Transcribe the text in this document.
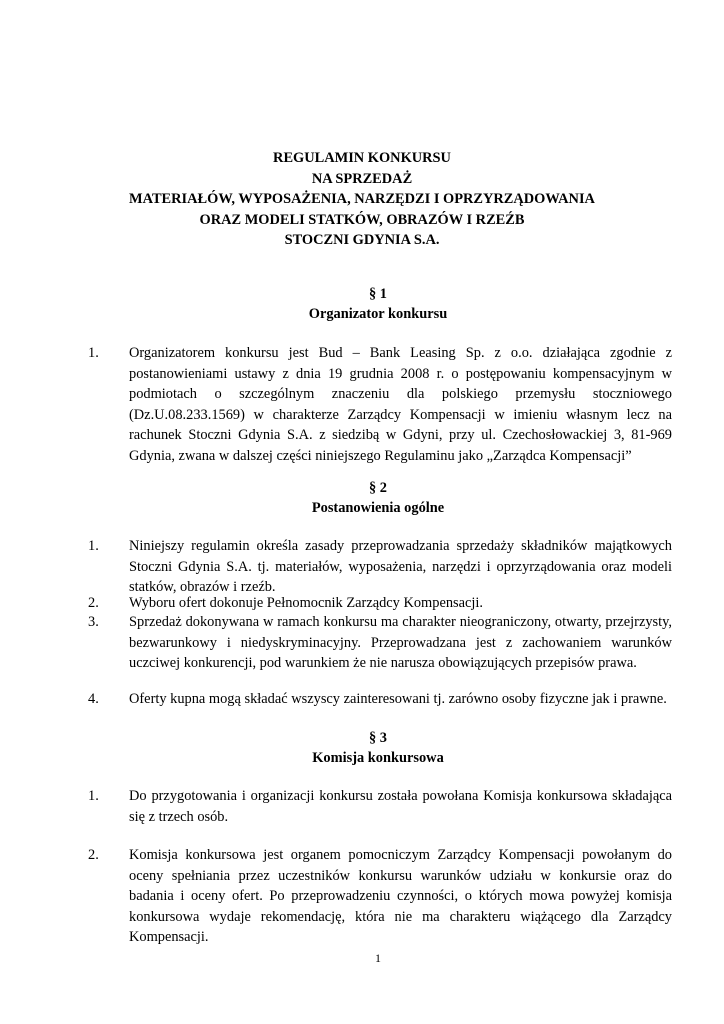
REGULAMIN KONKURSU
NA SPRZEDAŻ
MATERIAŁÓW, WYPOSAŻENIA, NARZĘDZI I OPRZYRZĄDOWANIA
ORAZ MODELI STATKÓW, OBRAZÓW I RZEŹB
STOCZNI GDYNIA S.A.
§ 1
Organizator konkursu
1. Organizatorem konkursu jest Bud – Bank Leasing Sp. z o.o. działająca zgodnie z postanowieniami ustawy z dnia 19 grudnia 2008 r. o postępowaniu kompensacyjnym w podmiotach o szczególnym znaczeniu dla polskiego przemysłu stoczniowego (Dz.U.08.233.1569) w charakterze Zarządcy Kompensacji w imieniu własnym lecz na rachunek Stoczni Gdynia S.A. z siedzibą w Gdyni, przy ul. Czechosłowackiej 3, 81-969 Gdynia, zwana w dalszej części niniejszego Regulaminu jako „Zarządca Kompensacji”
§ 2
Postanowienia ogólne
1. Niniejszy regulamin określa zasady przeprowadzania sprzedaży składników majątkowych Stoczni Gdynia S.A. tj. materiałów, wyposażenia, narzędzi i oprzyrządowania oraz modeli statków, obrazów i rzeźb.
2. Wyboru ofert dokonuje Pełnomocnik Zarządcy Kompensacji.
3. Sprzedaż dokonywana w ramach konkursu ma charakter nieograniczony, otwarty, przejrzysty, bezwarunkowy i niedyskryminacyjny. Przeprowadzana jest z zachowaniem warunków uczciwej konkurencji, pod warunkiem że nie narusza obowiązujących przepisów prawa.
4. Oferty kupna mogą składać wszyscy zainteresowani tj. zarówno osoby fizyczne jak i prawne.
§ 3
Komisja konkursowa
1. Do przygotowania i organizacji konkursu została powołana Komisja konkursowa składająca się z trzech osób.
2. Komisja konkursowa jest organem pomocniczym Zarządcy Kompensacji powołanym do oceny spełniania przez uczestników konkursu warunków udziału w konkursie oraz do badania i oceny ofert. Po przeprowadzeniu czynności, o których mowa powyżej komisja konkursowa wydaje rekomendację, która nie ma charakteru wiążącego dla Zarządcy Kompensacji.
1
